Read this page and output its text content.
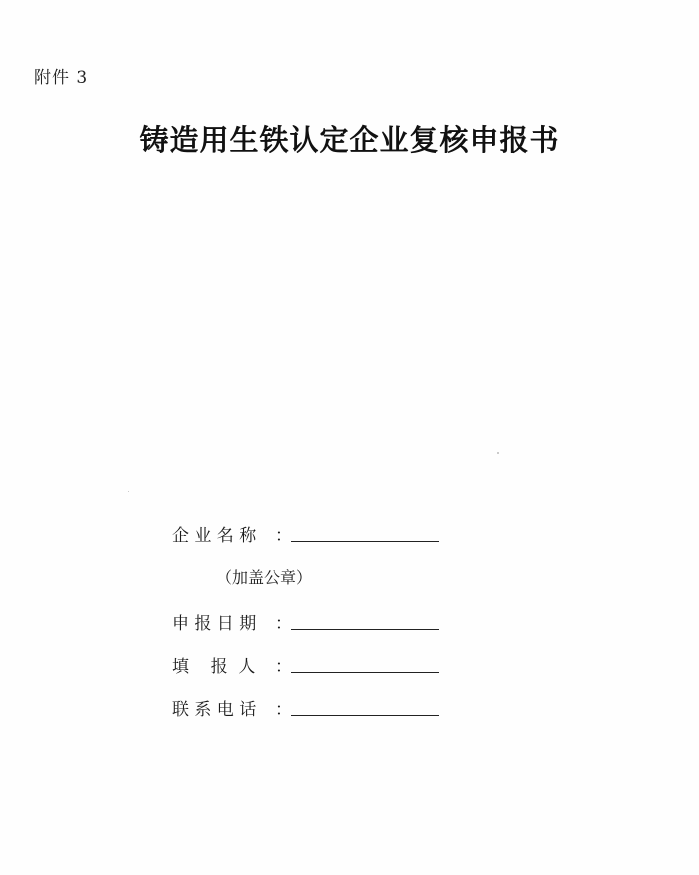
附件 3
铸造用生铁认定企业复核申报书
企 业 名 称 ：
（加盖公章）
申 报 日 期 ：
填    报  人 ：
联 系 电 话 ：
